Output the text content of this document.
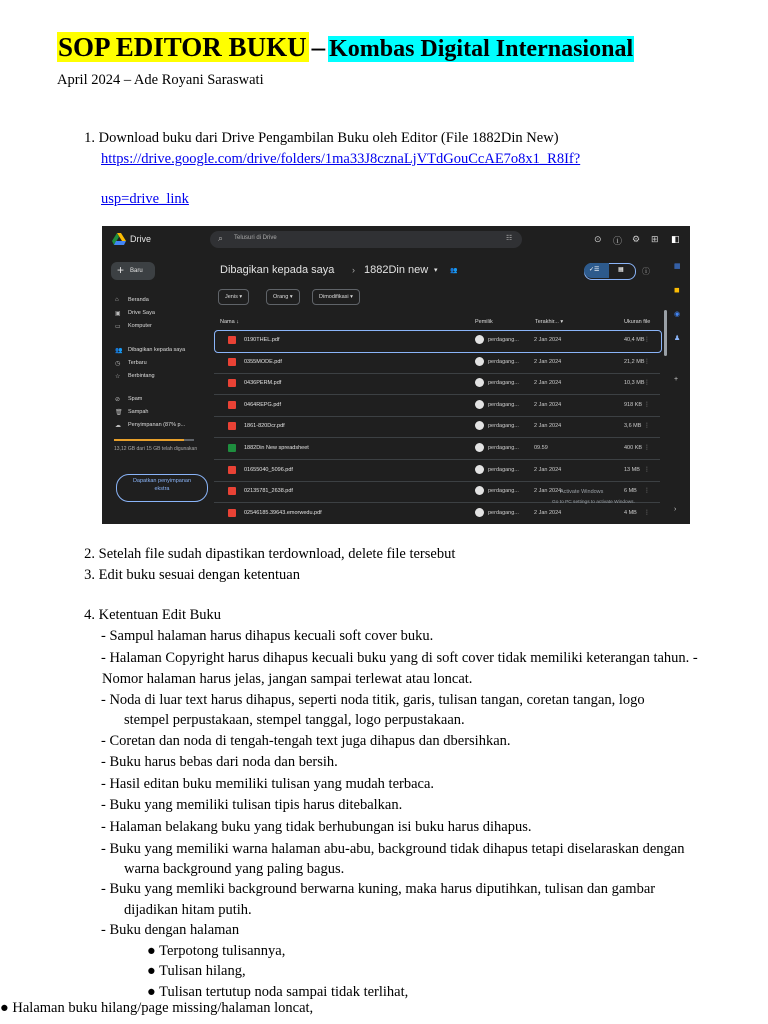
SOP EDITOR BUKU – Kombas Digital Internasional
April 2024 – Ade Royani Saraswati
1. Download buku dari Drive Pengambilan Buku oleh Editor (File 1882Din New)
https://drive.google.com/drive/folders/1ma33J8cznaLjVTdGouCcAE7o8x1_R8If?
usp=drive_link
Drive	⌕ Telusuri di Drive	☷	⊙ ⓘ ⚙ ⊞ ◧
+ Baru
⌂ Beranda
▣ Drive Saya
▭ Komputer
👥 Dibagikan kepada saya
◷ Terbaru
☆ Berbintang
⊘ Spam
🗑 Sampah
☁ Penyimpanan (87% p...
13,12 GB dari 15 GB telah digunakan
Dapatkan penyimpanan ekstra
Dibagikan kepada saya › 1882Din new ▾ 👥	✓☰	▦ ⓘ
Jenis ▾	Orang ▾	Dimodifikasi ▾
Nama ↓	Pemilik	Terakhir... ▾	Ukuran file
0190THEL.pdf	perdagang...	2 Jan 2024	40,4 MB ⋮
0355MODE.pdf	perdagang...	2 Jan 2024	21,2 MB ⋮
0436PERM.pdf	perdagang...	2 Jan 2024	10,3 MB ⋮
0464REPG.pdf	perdagang...	2 Jan 2024	918 KB ⋮
1861-820Dcr.pdf	perdagang...	2 Jan 2024	3,6 MB ⋮
1882Din New spreadsheet	perdagang...	09.59	400 KB ⋮
01655040_5096.pdf	perdagang...	2 Jan 2024	13 MB ⋮
02135781_2638.pdf	perdagang...	2 Jan 2024	6 MB ⋮
02546185.39643.emorwedu.pdf	perdagang...	2 Jan 2024	4 MB ⋮
▦
◼
◉
♟
+
›
Activate Windows
Go to PC settings to activate Windows.
2. Setelah file sudah dipastikan terdownload, delete file tersebut
3. Edit buku sesuai dengan ketentuan
4. Ketentuan Edit Buku
- Sampul halaman harus dihapus kecuali soft cover buku.
- Halaman Copyright harus dihapus kecuali buku yang di soft cover tidak memiliki keterangan tahun. -
Nomor halaman harus jelas, jangan sampai terlewat atau loncat.
- Noda di luar text harus dihapus, seperti noda titik, garis, tulisan tangan, coretan tangan, logo
stempel perpustakaan, stempel tanggal, logo perpustakaan.
- Coretan dan noda di tengah-tengah text juga dihapus dan dbersihkan.
- Buku harus bebas dari noda dan bersih.
- Hasil editan buku memiliki tulisan yang mudah terbaca.
- Buku yang memiliki tulisan tipis harus ditebalkan.
- Halaman belakang buku yang tidak berhubungan isi buku harus dihapus.
- Buku yang memiliki warna halaman abu-abu, background tidak dihapus tetapi diselaraskan dengan
warna background yang paling bagus.
- Buku yang memliki background berwarna kuning, maka harus diputihkan, tulisan dan gambar
dijadikan hitam putih.
- Buku dengan halaman
● Terpotong tulisannya,
● Tulisan hilang,
● Tulisan tertutup noda sampai tidak terlihat,
● Halaman buku hilang/page missing/halaman loncat,
